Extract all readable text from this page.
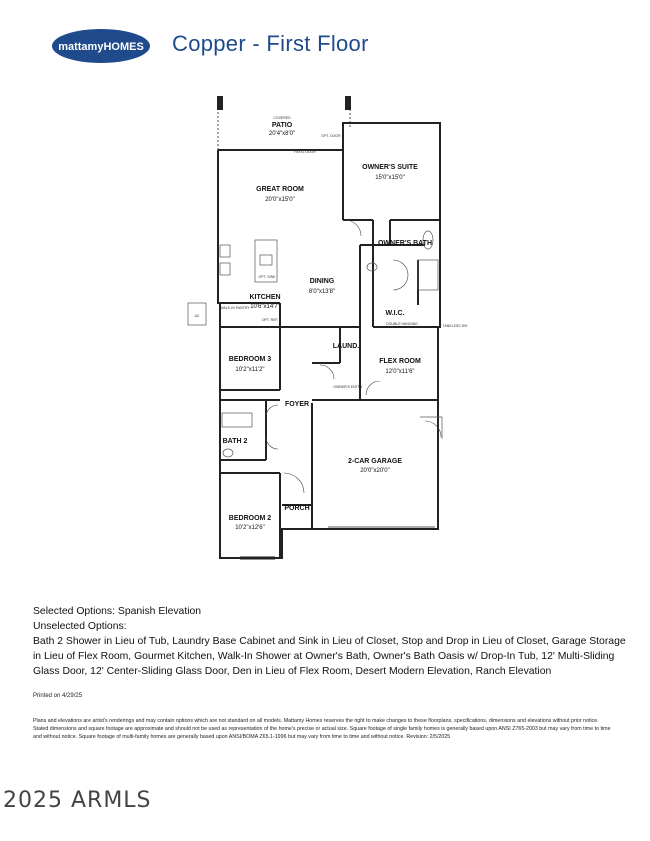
mattamyHOMES Copper - First Floor
PATIO
20'4"x8'0"
OWNER'S SUITE
15'0"x15'0"
GREAT ROOM
20'0"x15'0"
OWNER'S BATH
DINING
8'0"x13'8"
KITCHEN
10'6"x14'7"
W.I.C.
LAUND.
BEDROOM 3
10'2"x11'2"
FLEX ROOM
12'0"x11'6"
FOYER
BATH 2
2-CAR GARAGE
20'0"x20'0"
PORCH
BEDROOM 2
10'2"x12'6"
OWNER'S ENTRY
AC
DOUBLE HANGING	TANKLESS WH
OPT. DOOR
COVERED
PATIO DOOR
OPT. SINK
WALK-IN PANTRY
OPT. REF.
Selected Options: Spanish Elevation
Unselected Options:
Bath 2 Shower in Lieu of Tub, Laundry Base Cabinet and Sink in Lieu of Closet, Stop and Drop in Lieu of Closet, Garage Storage in Lieu of Flex Room, Gourmet Kitchen, Walk-In Shower at Owner's Bath, Owner's Bath Oasis w/ Drop-In Tub, 12' Multi-Sliding Glass Door, 12' Center-Sliding Glass Door, Den in Lieu of Flex Room, Desert Modern Elevation, Ranch Elevation
Printed on 4/29/25
Plans and elevations are artist's renderings and may contain options which are not standard on all models. Mattamy Homes reserves the right to make changes to these floorplans, specifications, dimensions and elevations without prior notice. Stated dimensions and square footage are approximate and should not be used as representation of the home's precise or actual size. Square footage of single family homes is generally based upon ANSI Z765-2003 but may vary from time to time and without notice. Square footage of multi-family homes are generally based upon ANSI/BOMA Z65.1-1996 but may vary from time to time and without notice. Revision: 2/5/2025
2025 ARMLS
